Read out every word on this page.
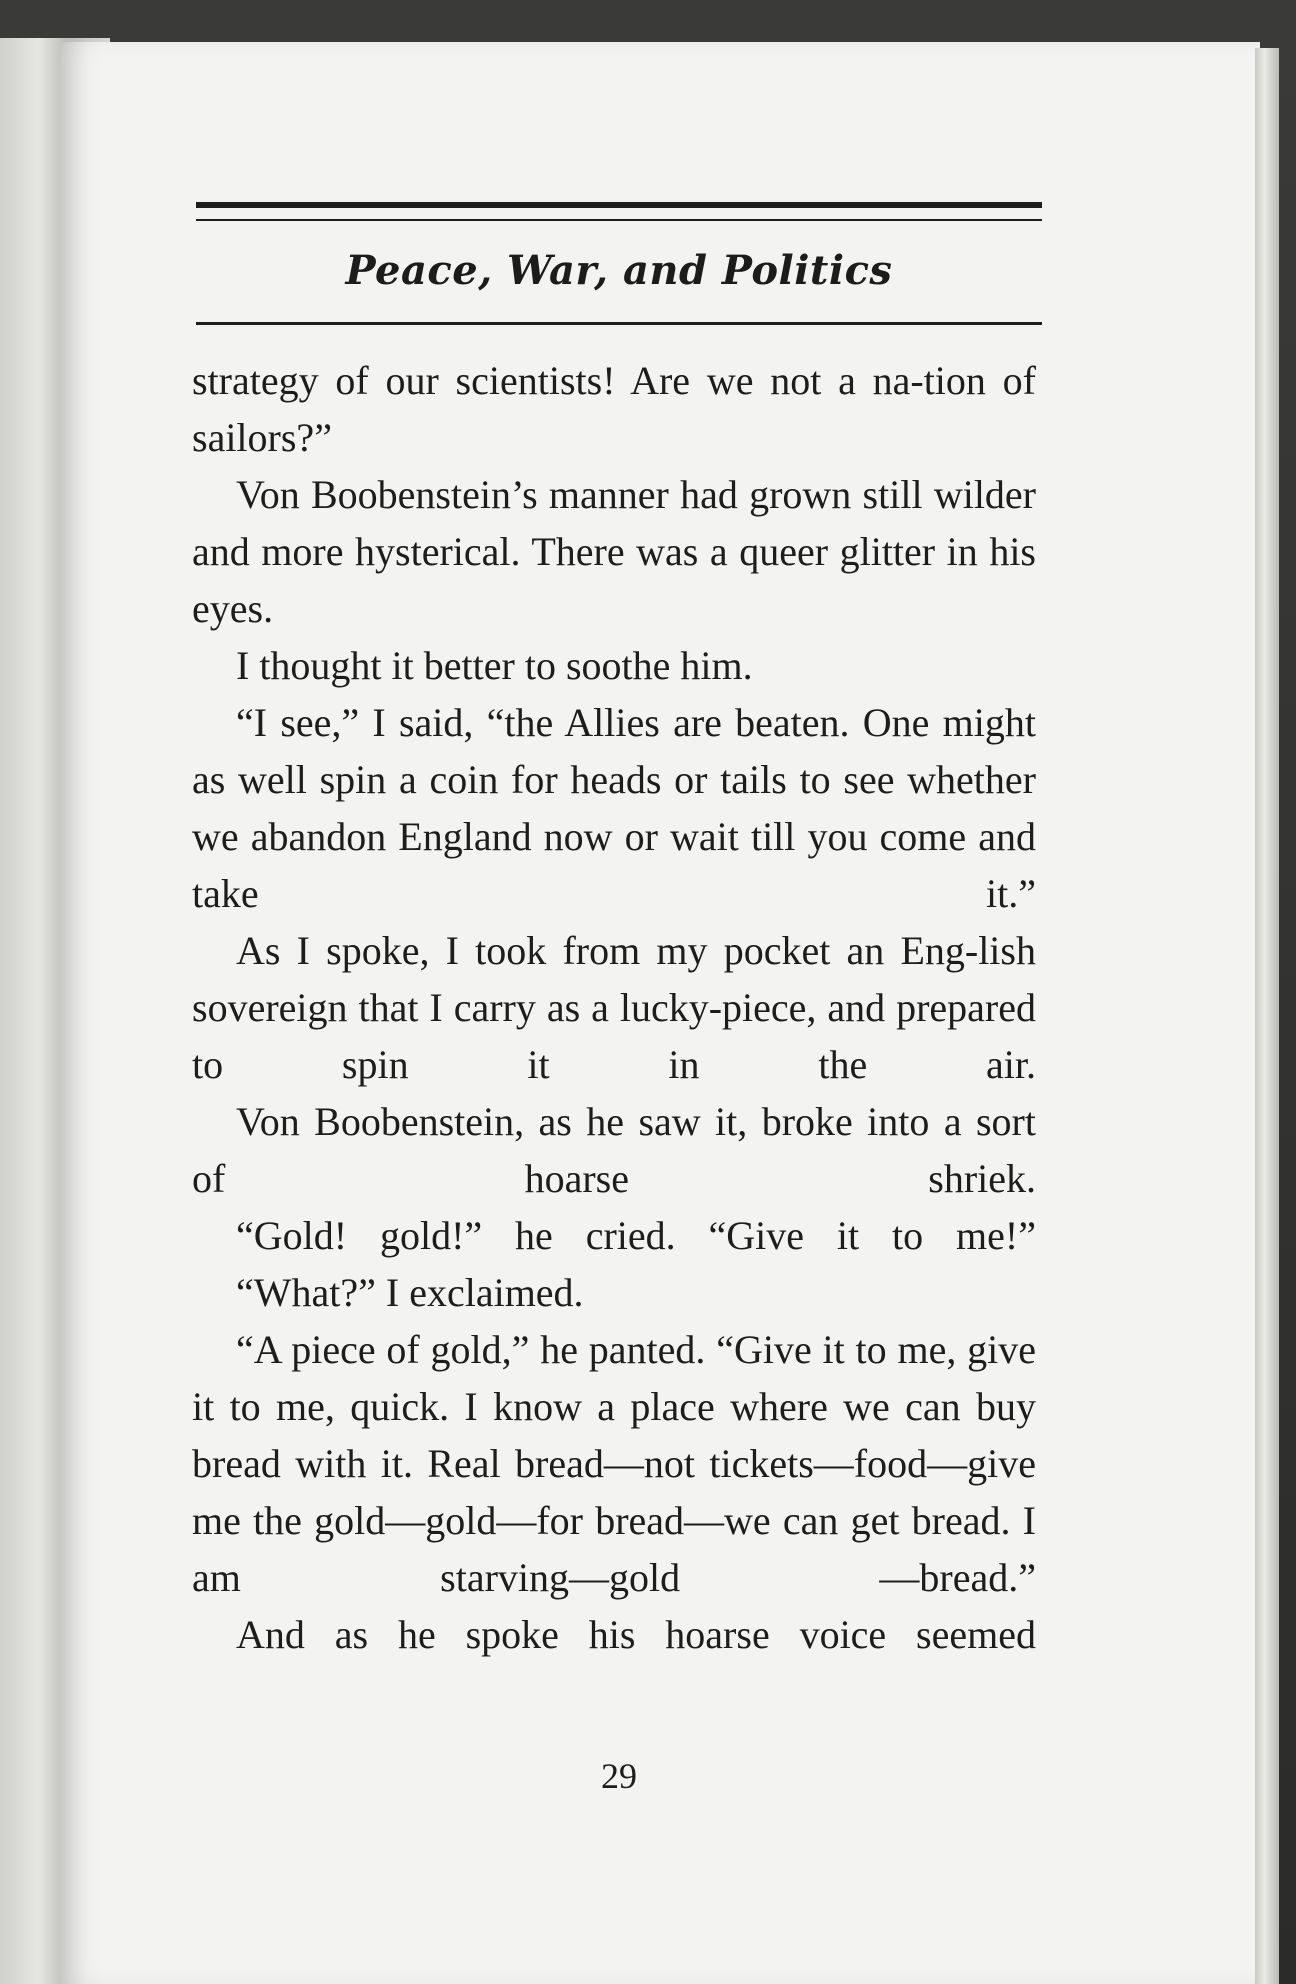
Peace, War, and Politics

strategy of our scientists! Are we not a na-tion of sailors?”

Von Boobenstein’s manner had grown still wilder and more hysterical. There was a queer glitter in his eyes.

I thought it better to soothe him.

“I see,” I said, “the Allies are beaten. One might as well spin a coin for heads or tails to see whether we abandon England now or wait till you come and take it.”

As I spoke, I took from my pocket an Eng-lish sovereign that I carry as a lucky-piece, and prepared to spin it in the air.

Von Boobenstein, as he saw it, broke into a sort of hoarse shriek.

“Gold! gold!” he cried. “Give it to me!”

“What?” I exclaimed.

“A piece of gold,” he panted. “Give it to me, give it to me, quick. I know a place where we can buy bread with it. Real bread—not tickets—food—give me the gold—gold—for bread—we can get bread. I am starving—gold —bread.”

And as he spoke his hoarse voice seemed

29
